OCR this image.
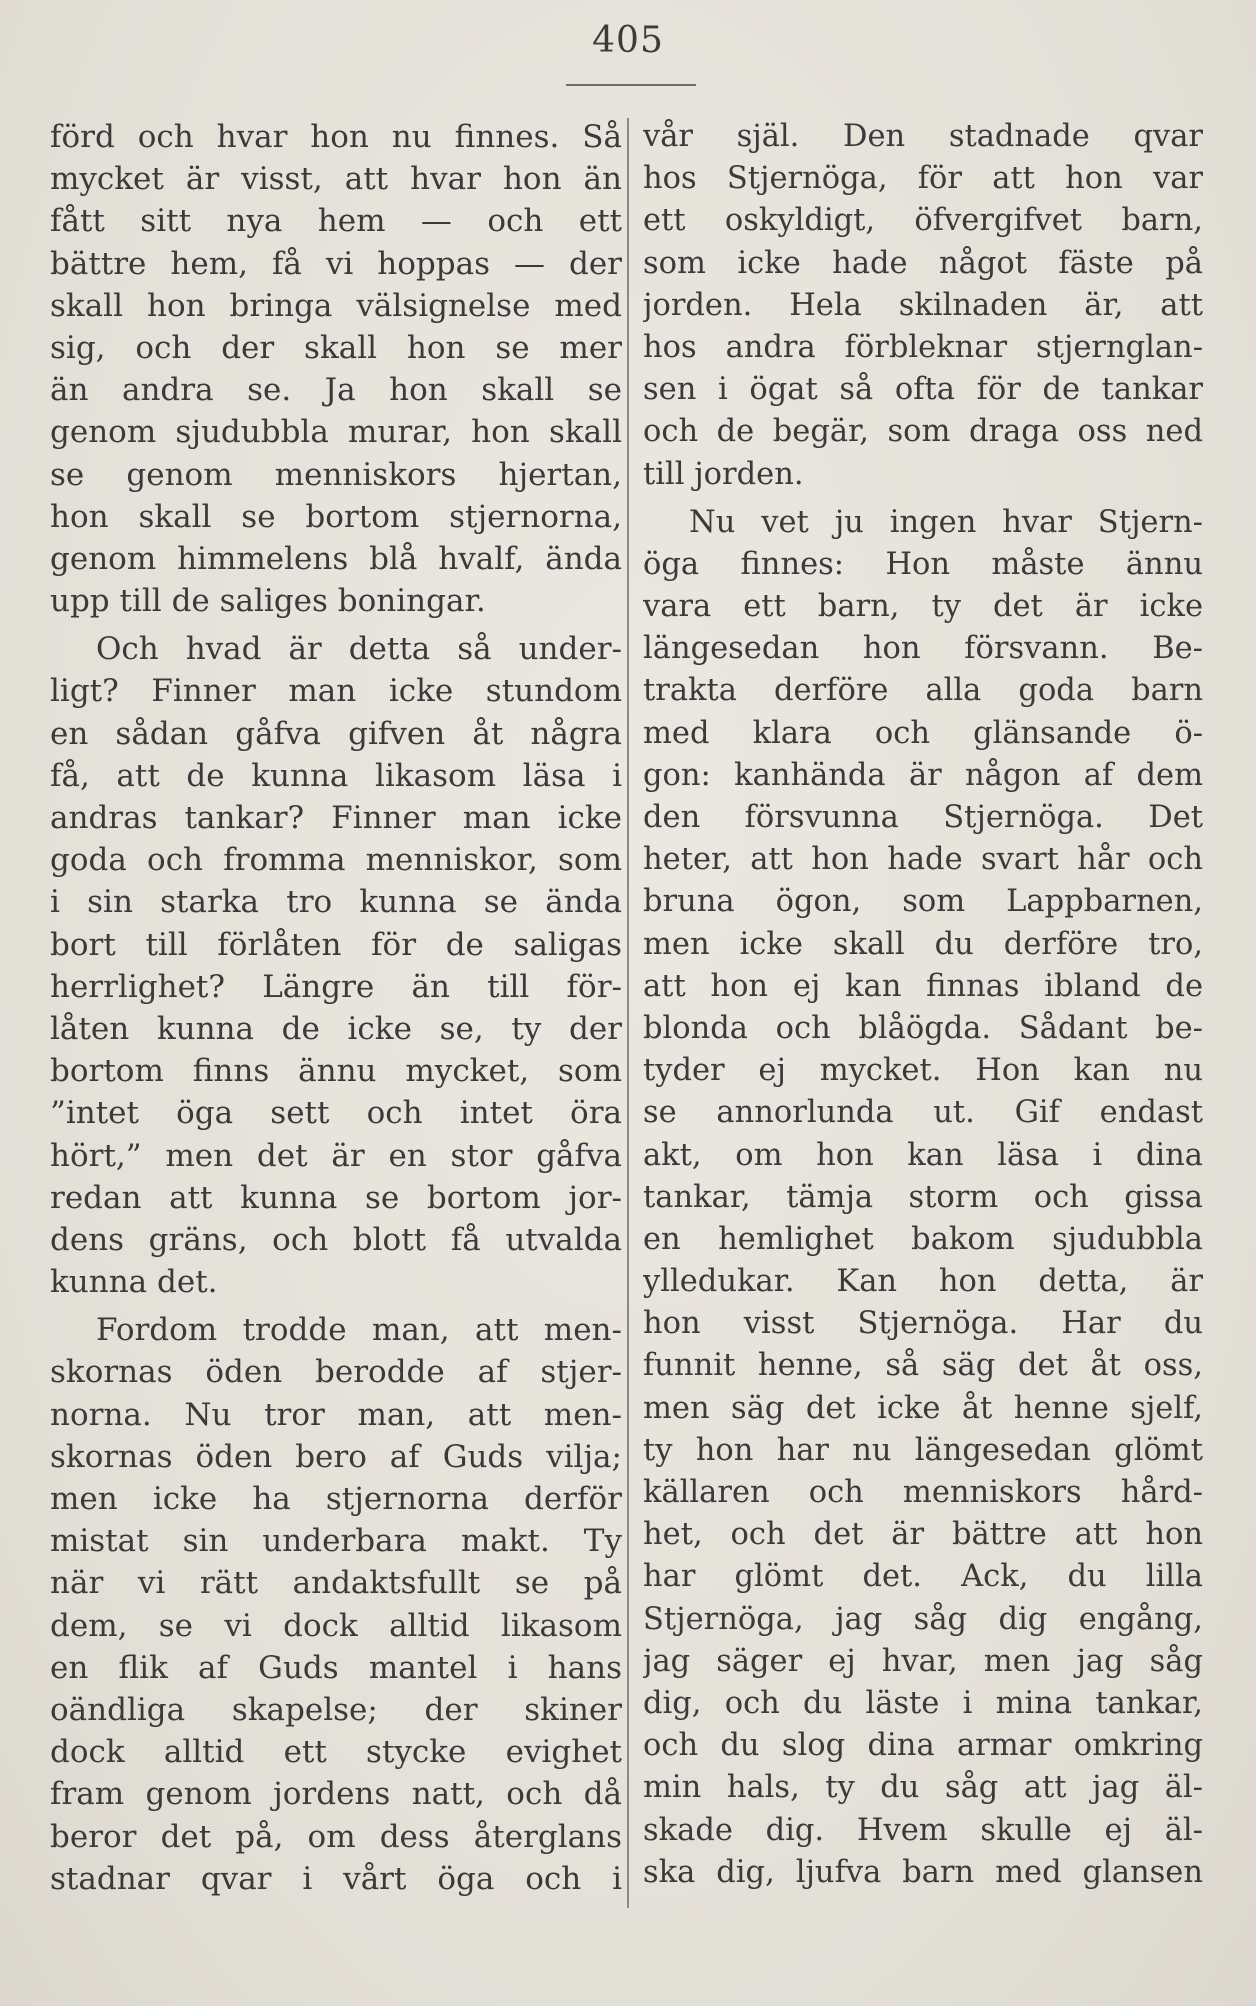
405
förd och hvar hon nu finnes. Så
mycket är visst, att hvar hon än
fått sitt nya hem — och ett
bättre hem, få vi hoppas — der
skall hon bringa välsignelse med
sig, och der skall hon se mer
än andra se. Ja hon skall se
genom sjudubbla murar, hon skall
se genom menniskors hjertan,
hon skall se bortom stjernorna,
genom himmelens blå hvalf, ända
upp till de saliges boningar.
Och hvad är detta så under-
ligt? Finner man icke stundom
en sådan gåfva gifven åt några
få, att de kunna likasom läsa i
andras tankar? Finner man icke
goda och fromma menniskor, som
i sin starka tro kunna se ända
bort till förlåten för de saligas
herrlighet? Längre än till för-
låten kunna de icke se, ty der
bortom finns ännu mycket, som
”intet öga sett och intet öra
hört,” men det är en stor gåfva
redan att kunna se bortom jor-
dens gräns, och blott få utvalda
kunna det.
Fordom trodde man, att men-
skornas öden berodde af stjer-
norna. Nu tror man, att men-
skornas öden bero af Guds vilja;
men icke ha stjernorna derför
mistat sin underbara makt. Ty
när vi rätt andaktsfullt se på
dem, se vi dock alltid likasom
en flik af Guds mantel i hans
oändliga skapelse; der skiner
dock alltid ett stycke evighet
fram genom jordens natt, och då
beror det på, om dess återglans
stadnar qvar i vårt öga och i
vår själ. Den stadnade qvar
hos Stjernöga, för att hon var
ett oskyldigt, öfvergifvet barn,
som icke hade något fäste på
jorden. Hela skilnaden är, att
hos andra förbleknar stjernglan-
sen i ögat så ofta för de tankar
och de begär, som draga oss ned
till jorden.
Nu vet ju ingen hvar Stjern-
öga finnes: Hon måste ännu
vara ett barn, ty det är icke
längesedan hon försvann. Be-
trakta derföre alla goda barn
med klara och glänsande ö-
gon: kanhända är någon af dem
den försvunna Stjernöga. Det
heter, att hon hade svart hår och
bruna ögon, som Lappbarnen,
men icke skall du derföre tro,
att hon ej kan finnas ibland de
blonda och blåögda. Sådant be-
tyder ej mycket. Hon kan nu
se annorlunda ut. Gif endast
akt, om hon kan läsa i dina
tankar, tämja storm och gissa
en hemlighet bakom sjudubbla
ylledukar. Kan hon detta, är
hon visst Stjernöga. Har du
funnit henne, så säg det åt oss,
men säg det icke åt henne sjelf,
ty hon har nu längesedan glömt
källaren och menniskors hård-
het, och det är bättre att hon
har glömt det. Ack, du lilla
Stjernöga, jag såg dig engång,
jag säger ej hvar, men jag såg
dig, och du läste i mina tankar,
och du slog dina armar omkring
min hals, ty du såg att jag äl-
skade dig. Hvem skulle ej äl-
ska dig, ljufva barn med glansen
